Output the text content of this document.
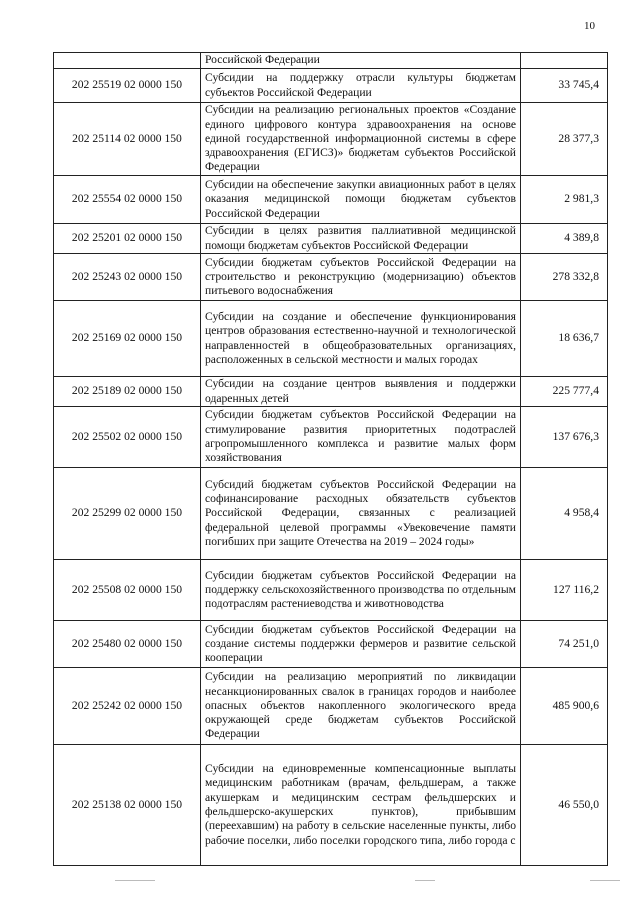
10
	Российской Федерации	
202 25519 02 0000 150	Субсидии на поддержку отрасли культуры бюджетам субъектов Российской Федерации	33 745,4
202 25114 02 0000 150	Субсидии на реализацию региональных проектов «Создание единого цифрового контура здравоохранения на основе единой государственной информационной системы в сфере здравоохранения (ЕГИСЗ)» бюджетам субъектов Российской Федерации	28 377,3
202 25554 02 0000 150	Субсидии на обеспечение закупки авиационных работ в целях оказания медицинской помощи бюджетам субъектов Российской Федерации	2 981,3
202 25201 02 0000 150	Субсидии в целях развития паллиативной медицинской помощи бюджетам субъектов Российской Федерации	4 389,8
202 25243 02 0000 150	Субсидии бюджетам субъектов Российской Федерации на строительство и реконструкцию (модернизацию) объектов питьевого водоснабжения	278 332,8
202 25169 02 0000 150	Субсидии на создание и обеспечение функционирования центров образования естественно-научной и технологической направленностей в общеобразовательных организациях, расположенных в сельской местности и малых городах	18 636,7
202 25189 02 0000 150	Субсидии на создание центров выявления и поддержки одаренных детей	225 777,4
202 25502 02 0000 150	Субсидии бюджетам субъектов Российской Федерации на стимулирование развития приоритетных подотраслей агропромышленного комплекса и развитие малых форм хозяйствования	137 676,3
202 25299 02 0000 150	Субсидий бюджетам субъектов Российской Федерации на софинансирование расходных обязательств субъектов Российской Федерации, связанных с реализацией федеральной целевой программы «Увековечение памяти погибших при защите Отечества на 2019 – 2024 годы»	4 958,4
202 25508 02 0000 150	Субсидии бюджетам субъектов Российской Федерации на поддержку сельскохозяйственного производства по отдельным подотраслям растениеводства и животноводства	127 116,2
202 25480 02 0000 150	Субсидии бюджетам субъектов Российской Федерации на создание системы поддержки фермеров и развитие сельской кооперации	74 251,0
202 25242 02 0000 150	Субсидии на реализацию мероприятий по ликвидации несанкционированных свалок в границах городов и наиболее опасных объектов накопленного экологического вреда окружающей среде бюджетам субъектов Российской Федерации	485 900,6
202 25138 02 0000 150	Субсидии на единовременные компенсационные выплаты медицинским работникам (врачам, фельдшерам, а также акушеркам и медицинским сестрам фельдшерских и фельдшерско-акушерских пунктов), прибывшим (переехавшим) на работу в сельские населенные пункты, либо рабочие поселки, либо поселки городского типа, либо города с	46 550,0
